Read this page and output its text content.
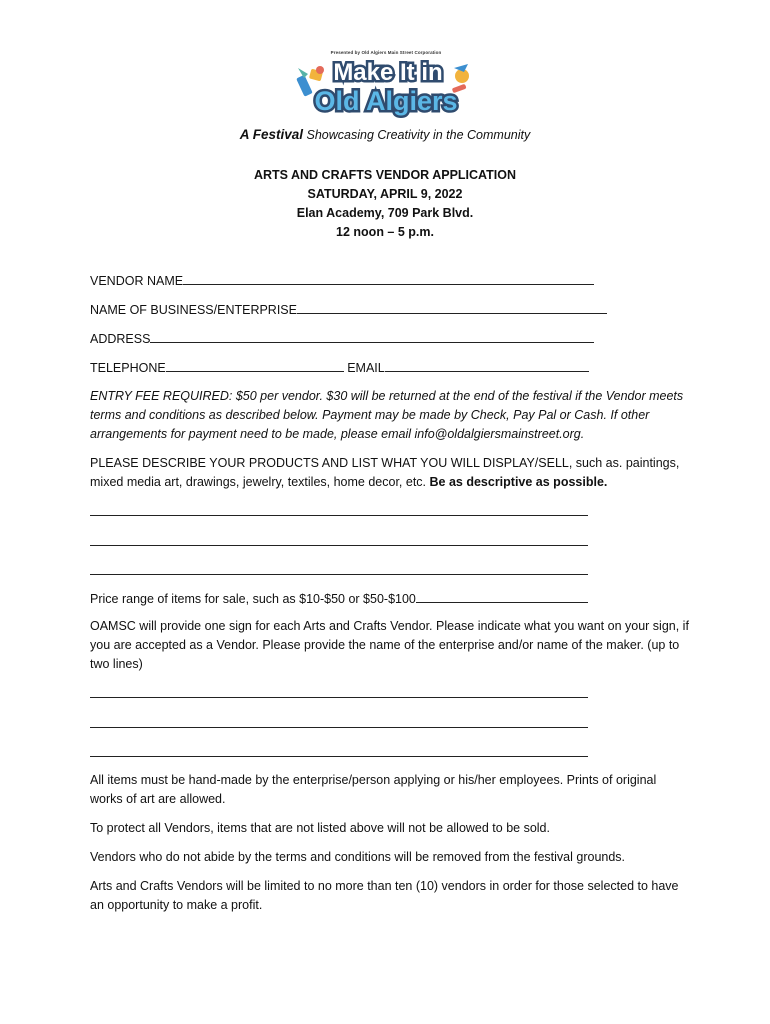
Make It in
Old Algiers
Presented by Old Algiers Main Street Corporation
A Festival Showcasing Creativity in the Community
ARTS AND CRAFTS VENDOR APPLICATION
SATURDAY, APRIL 9, 2022
Elan Academy, 709 Park Blvd.
12 noon – 5 p.m.
VENDOR NAME
NAME OF BUSINESS/ENTERPRISE
ADDRESS
TELEPHONE	EMAIL
ENTRY FEE REQUIRED: $50 per vendor. $30 will be returned at the end of the festival if the Vendor meets terms and conditions as described below. Payment may be made by Check, Pay Pal or Cash. If other arrangements for payment need to be made, please email info@oldalgiersmainstreet.org.
PLEASE DESCRIBE YOUR PRODUCTS AND LIST WHAT YOU WILL DISPLAY/SELL, such as. paintings, mixed media art, drawings, jewelry, textiles, home decor, etc. Be as descriptive as possible.
Price range of items for sale, such as $10-$50 or $50-$100
OAMSC will provide one sign for each Arts and Crafts Vendor. Please indicate what you want on your sign, if you are accepted as a Vendor. Please provide the name of the enterprise and/or name of the maker. (up to two lines)
All items must be hand-made by the enterprise/person applying or his/her employees. Prints of original works of art are allowed.
To protect all Vendors, items that are not listed above will not be allowed to be sold.
Vendors who do not abide by the terms and conditions will be removed from the festival grounds.
Arts and Crafts Vendors will be limited to no more than ten (10) vendors in order for those selected to have an opportunity to make a profit.
